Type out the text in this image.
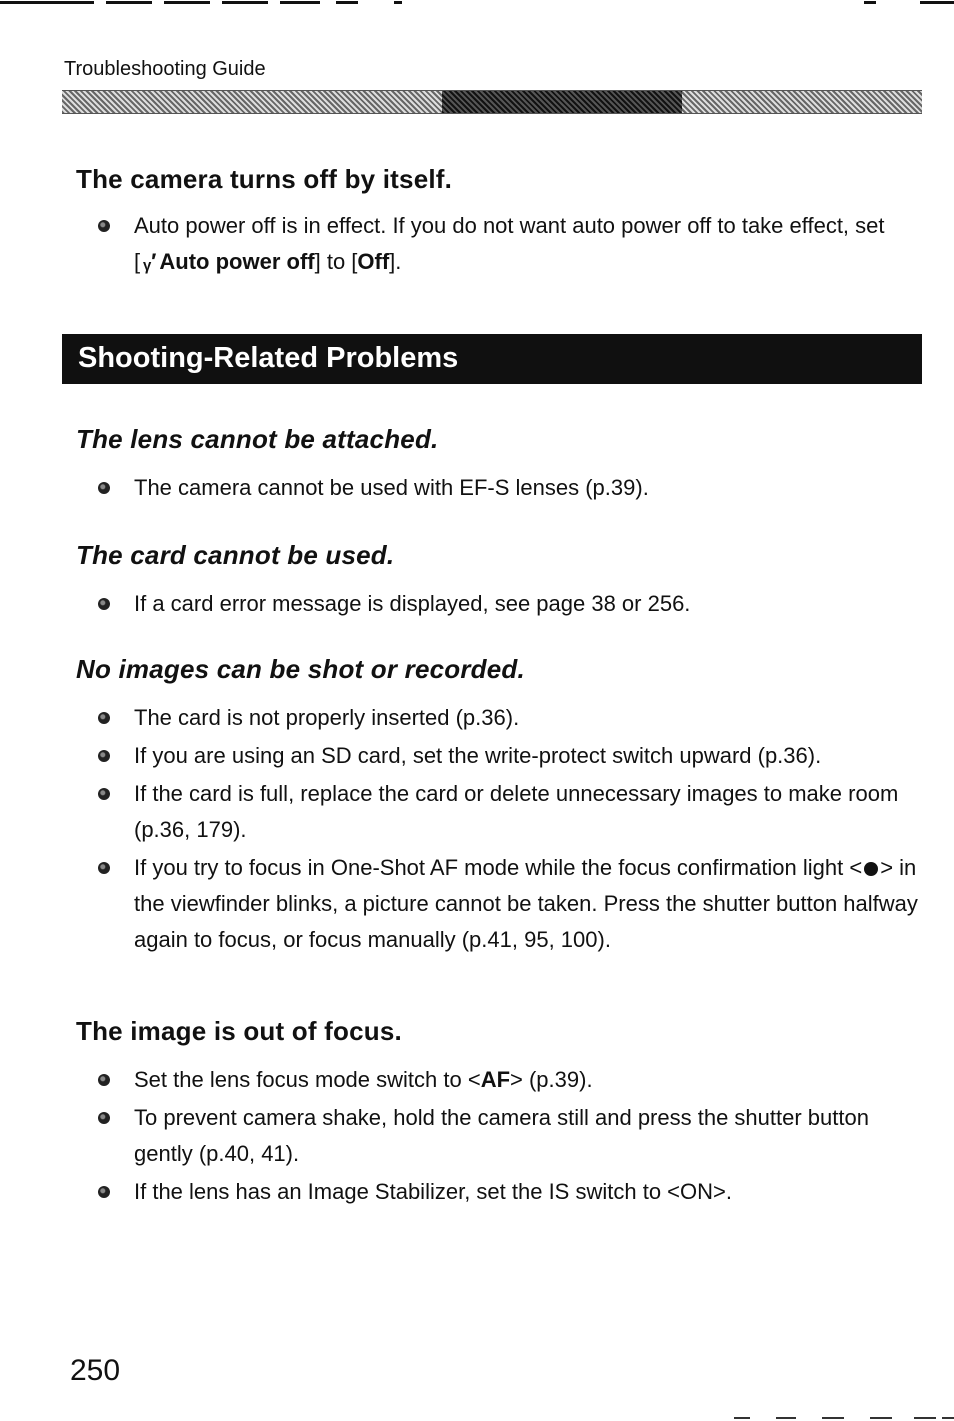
Troubleshooting Guide
The camera turns off by itself.
Auto power off is in effect. If you do not want auto power off to take effect, set [ ᵧ′ Auto power off] to [Off].
Shooting-Related Problems
The lens cannot be attached.
The camera cannot be used with EF-S lenses (p.39).
The card cannot be used.
If a card error message is displayed, see page 38 or 256.
No images can be shot or recorded.
The card is not properly inserted (p.36).
If you are using an SD card, set the write-protect switch upward (p.36).
If the card is full, replace the card or delete unnecessary images to make room (p.36, 179).
If you try to focus in One-Shot AF mode while the focus confirmation light < > in the viewfinder blinks, a picture cannot be taken. Press the shutter button halfway again to focus, or focus manually (p.41, 95, 100).
The image is out of focus.
Set the lens focus mode switch to <AF> (p.39).
To prevent camera shake, hold the camera still and press the shutter button gently (p.40, 41).
If the lens has an Image Stabilizer, set the IS switch to <ON>.
250
